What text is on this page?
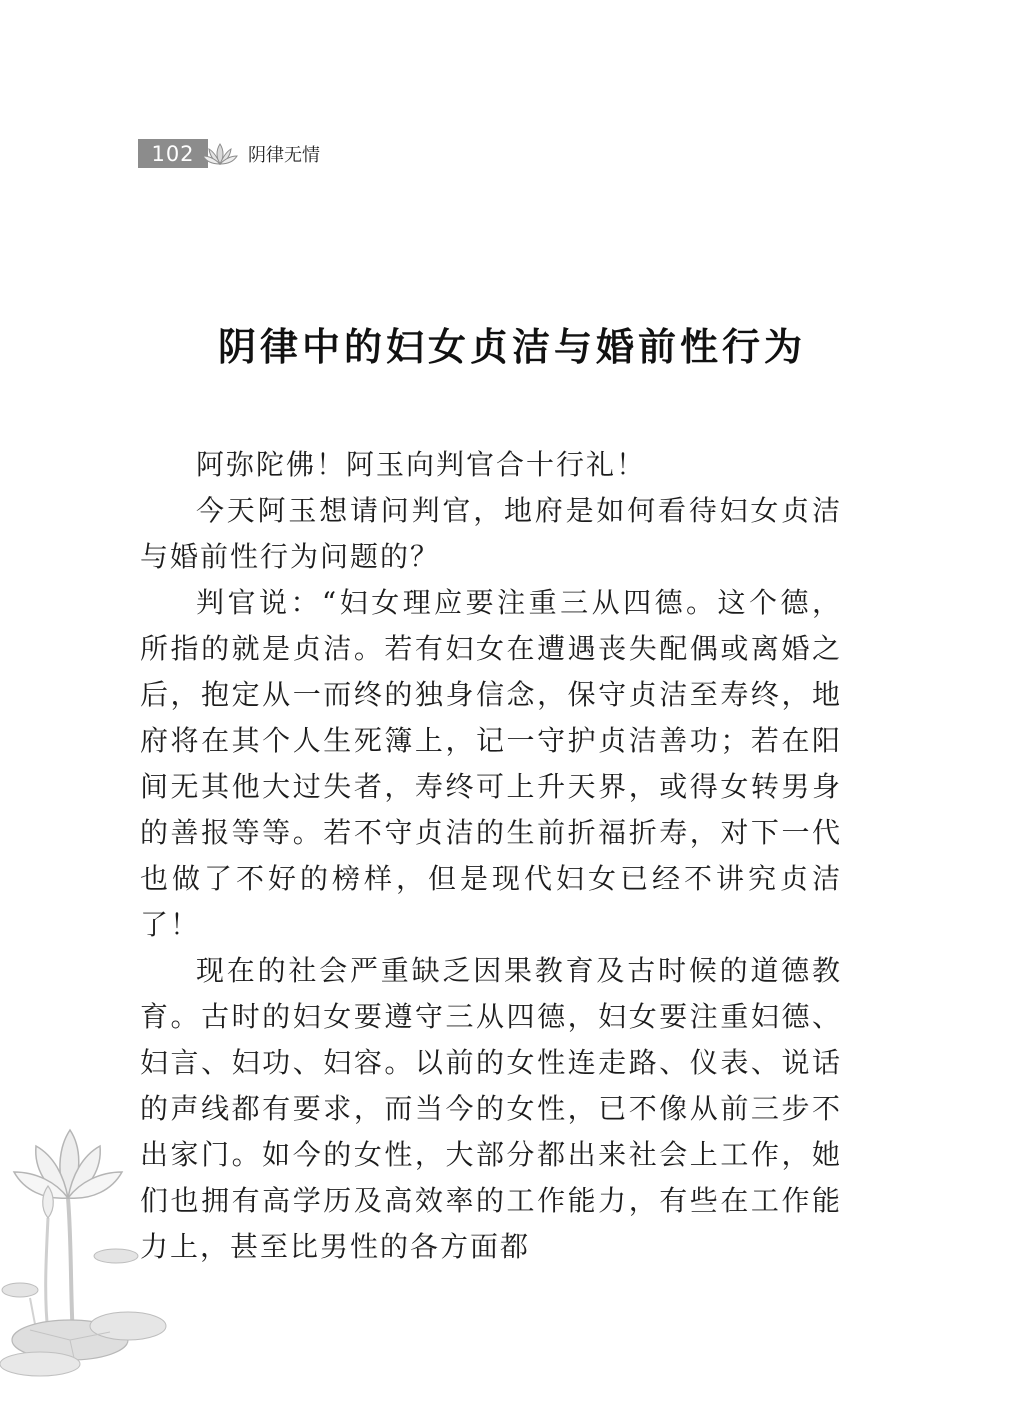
102	阴律无情
阴律中的妇女贞洁与婚前性行为

阿弥陀佛！阿玉向判官合十行礼！

今天阿玉想请问判官，地府是如何看待妇女贞洁与婚前性行为问题的？

判官说：“妇女理应要注重三从四德。这个德，所指的就是贞洁。若有妇女在遭遇丧失配偶或离婚之后，抱定从一而终的独身信念，保守贞洁至寿终，地府将在其个人生死簿上，记一守护贞洁善功；若在阳间无其他大过失者，寿终可上升天界，或得女转男身的善报等等。若不守贞洁的生前折福折寿，对下一代也做了不好的榜样，但是现代妇女已经不讲究贞洁了！

现在的社会严重缺乏因果教育及古时候的道德教育。古时的妇女要遵守三从四德，妇女要注重妇德、妇言、妇功、妇容。以前的女性连走路、仪表、说话的声线都有要求，而当今的女性，已不像从前三步不出家门。如今的女性，大部分都出来社会上工作，她们也拥有高学历及高效率的工作能力，有些在工作能力上，甚至比男性的各方面都
